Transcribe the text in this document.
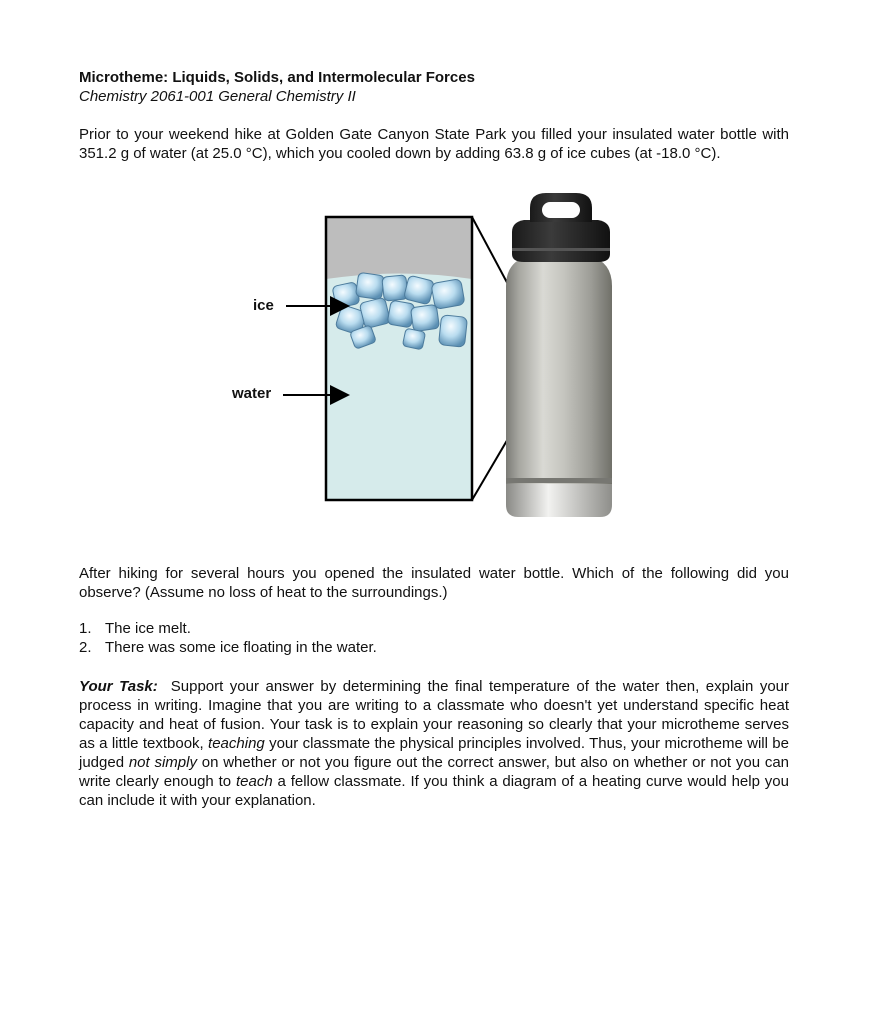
Microtheme: Liquids, Solids, and Intermolecular Forces

Chemistry 2061-001 General Chemistry II

Prior to your weekend hike at Golden Gate Canyon State Park you filled your insulated water bottle with 351.2 g of water (at 25.0 °C), which you cooled down by adding 63.8 g of ice cubes (at -18.0 °C).

After hiking for several hours you opened the insulated water bottle. Which of the following did you observe? (Assume no loss of heat to the surroundings.)

1. The ice melt.
2. There was some ice floating in the water.

Your Task: Support your answer by determining the final temperature of the water then, explain your process in writing. Imagine that you are writing to a classmate who doesn't yet understand specific heat capacity and heat of fusion. Your task is to explain your reasoning so clearly that your microtheme serves as a little textbook, teaching your classmate the physical principles involved. Thus, your microtheme will be judged not simply on whether or not you figure out the correct answer, but also on whether or not you can write clearly enough to teach a fellow classmate. If you think a diagram of a heating curve would help you can include it with your explanation.

ice
water
